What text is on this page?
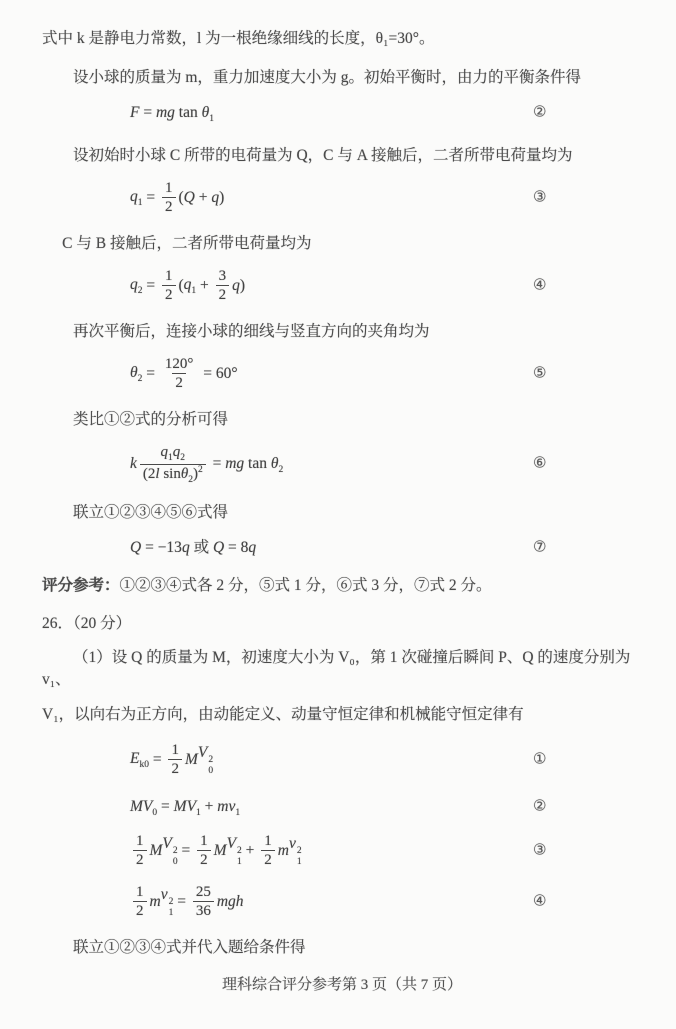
式中 k 是静电力常数，l 为一根绝缘细线的长度，θ₁=30°。

设小球的质量为 m，重力加速度大小为 g。初始平衡时，由力的平衡条件得

F = mg $\tan \theta_1$	②

设初始时小球 C 所带的电荷量为 Q，C 与 A 接触后，二者所带电荷量均为

$q_1 = \frac{1}{2}$ ( Q + q )	③

C 与 B 接触后，二者所带电荷量均为

$q_2 = \frac{1}{2}$ ( $q_1 + \frac{3}{2}$ q )	④

再次平衡后，连接小球的细线与竖直方向的夹角均为

$\theta_2 = \frac{120^\circ}{2} = 60^\circ$	⑤

类比①②式的分析可得

k $\frac{q_1q_2}{(2l \sin\theta_2)^2}$ = mg $\tan \theta_2$	⑥

联立①②③④⑤⑥式得

Q = −13 q 或 Q = 8 q	⑦

评分参考：①②③④式各 2 分，⑤式 1 分，⑥式 3 分，⑦式 2 分。

26．（20 分）

（1）设 Q 的质量为 M，初速度大小为 V₀，第 1 次碰撞后瞬间 P、Q 的速度分别为 v₁、

V₁，以向右为正方向，由动能定义、动量守恒定律和机械能守恒定律有

$E_{k0} = \frac{1}{2}$ M V 2
0
①
M $V_0 = M$ $V_1 + m$ $v_1$	②
$\frac{1}{2}$ M V 2
0
= $\frac{1}{2}$ M V 2
1
+ $\frac{1}{2}$ m v 2
1
③
$\frac{1}{2}$ m v 2
1
= $\frac{25}{36}$ mgh	④

联立①②③④式并代入题给条件得

理科综合评分参考第 3 页（共 7 页）
